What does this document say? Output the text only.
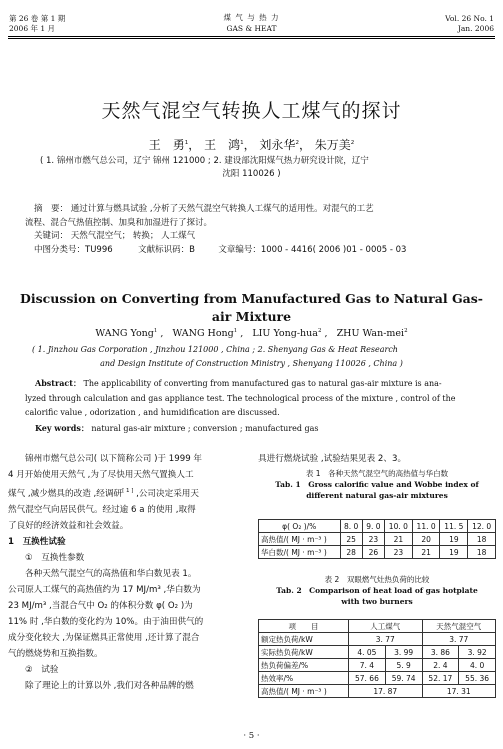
第 26 卷 第 1 期
2006 年 1 月
煤 气 与 热 力
GAS & HEAT
Vol. 26 No. 1
Jan. 2006
天然气混空气转换人工煤气的探讨
王　勇$^1$， 王　鸿$^1$， 刘永华$^2$， 朱万美$^2$
( 1. 锦州市燃气总公司，辽宁 锦州 121000 ; 2. 建设部沈阳煤气热力研究设计院，辽宁
沈阳 110026 )
摘　要： 通过计算与燃具试验 ,分析了天然气混空气转换人工煤气的适用性。对混气的工艺
流程、混合气热值控制、加臭和加湿进行了探讨。
关键词： 天然气混空气； 转换； 人工煤气
中图分类号：TU996	文献标识码：B	文章编号：1000 - 4416( 2006 )01 - 0005 - 03
Discussion on Converting from Manufactured Gas to Natural Gas-
air Mixture
WANG Yong$^1$ ,   WANG Hong$^1$ ,   LIU Yong-hua$^2$ ,   ZHU Wan-mei$^2$
( 1. Jinzhou Gas Corporation , Jinzhou 121000 , China ; 2. Shenyang Gas & Heat Research
and Design Institute of Construction Ministry , Shenyang 110026 , China )
Abstract： The applicability of converting from manufactured gas to natural gas-air mixture is ana-
lyzed through calculation and gas appliance test. The technological process of the mixture , control of the
calorific value , odorization , and humidification are discussed.
Key words： natural gas-air mixture ; conversion ; manufactured gas
锦州市燃气总公司( 以下简称公司 )于 1999 年
4 月开始使用天然气 ,为了尽快用天然气置换人工
煤气 ,减少燃具的改造 ,经调研[ 1 ] ,公司决定采用天
然气混空气向居民供气。经过逾 6 a 的使用 ,取得
了良好的经济效益和社会效益。
1　互换性试验
①　互换性参数
各种天然气混空气的高热值和华白数见表 1。
公司原人工煤气的高热值约为 17 MJ/m³ ,华白数为
23 MJ/m³ ,当混合气中 O₂ 的体积分数 φ( O₂ )为
11% 时 ,华白数的变化约为 10%。由于油田供气的
成分变化较大 ,为保证燃具正常使用 ,还计算了混合
气的燃烧势和互换指数。
②　试验
除了理论上的计算以外 ,我们对各种品牌的燃
具进行燃烧试验 ,试验结果见表 2、3。
表 1　各种天然气混空气的高热值与华白数
Tab. 1　Gross calorific value and Wobbe index of
different natural gas-air mixtures
φ( O₂ )/%	8. 0	9. 0	10. 0	11. 0	11. 5	12. 0
高热值/( MJ · m⁻³ )	25	23	21	20	19	18
华白数/( MJ · m⁻³ )	28	26	23	21	19	18
表 2　双眼燃气灶热负荷的比较
Tab. 2　Comparison of heat load of gas hotplate
with two burners
项　　目	人工煤气		天然气混空气	
额定热负荷/kW	3. 77		3. 77	
实际热负荷/kW	4. 05	3. 99	3. 86	3. 92
热负荷偏差/%	7. 4	5. 9	2. 4	4. 0
热效率/%	57. 66	59. 74	52. 17	55. 36
高热值/( MJ · m⁻³ )	17. 87		17. 31	
· 5 ·
